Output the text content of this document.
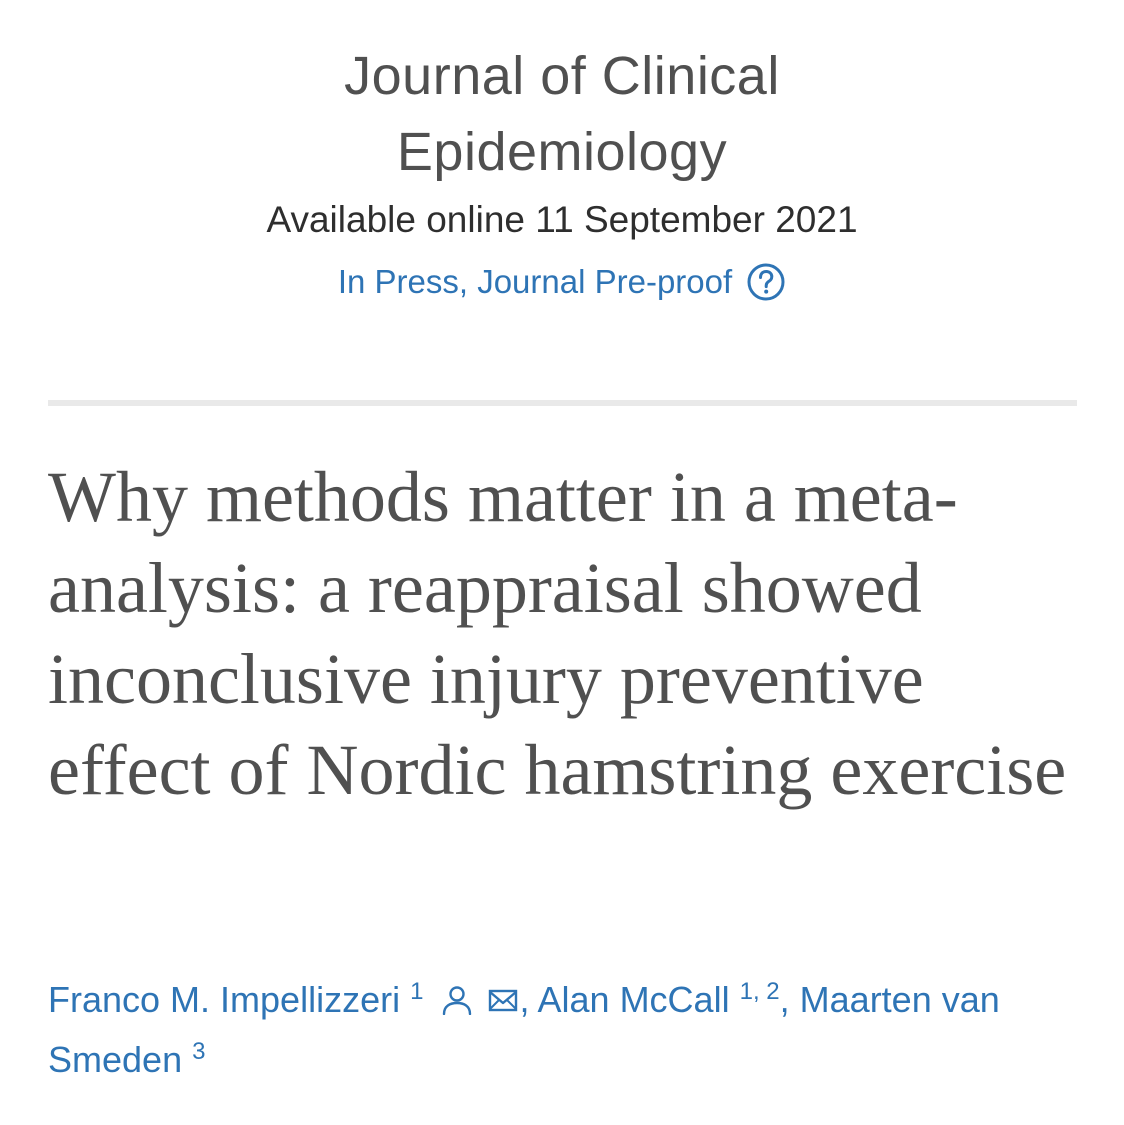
Journal of Clinical
Epidemiology
Available online 11 September 2021
In Press, Journal Pre-proof
Why methods matter in a meta-analysis: a reappraisal showed inconclusive injury preventive effect of Nordic hamstring exercise
Franco M. Impellizzeri $^1$	, Alan McCall $^{1, 2}$, Maarten van Smeden $^3$
